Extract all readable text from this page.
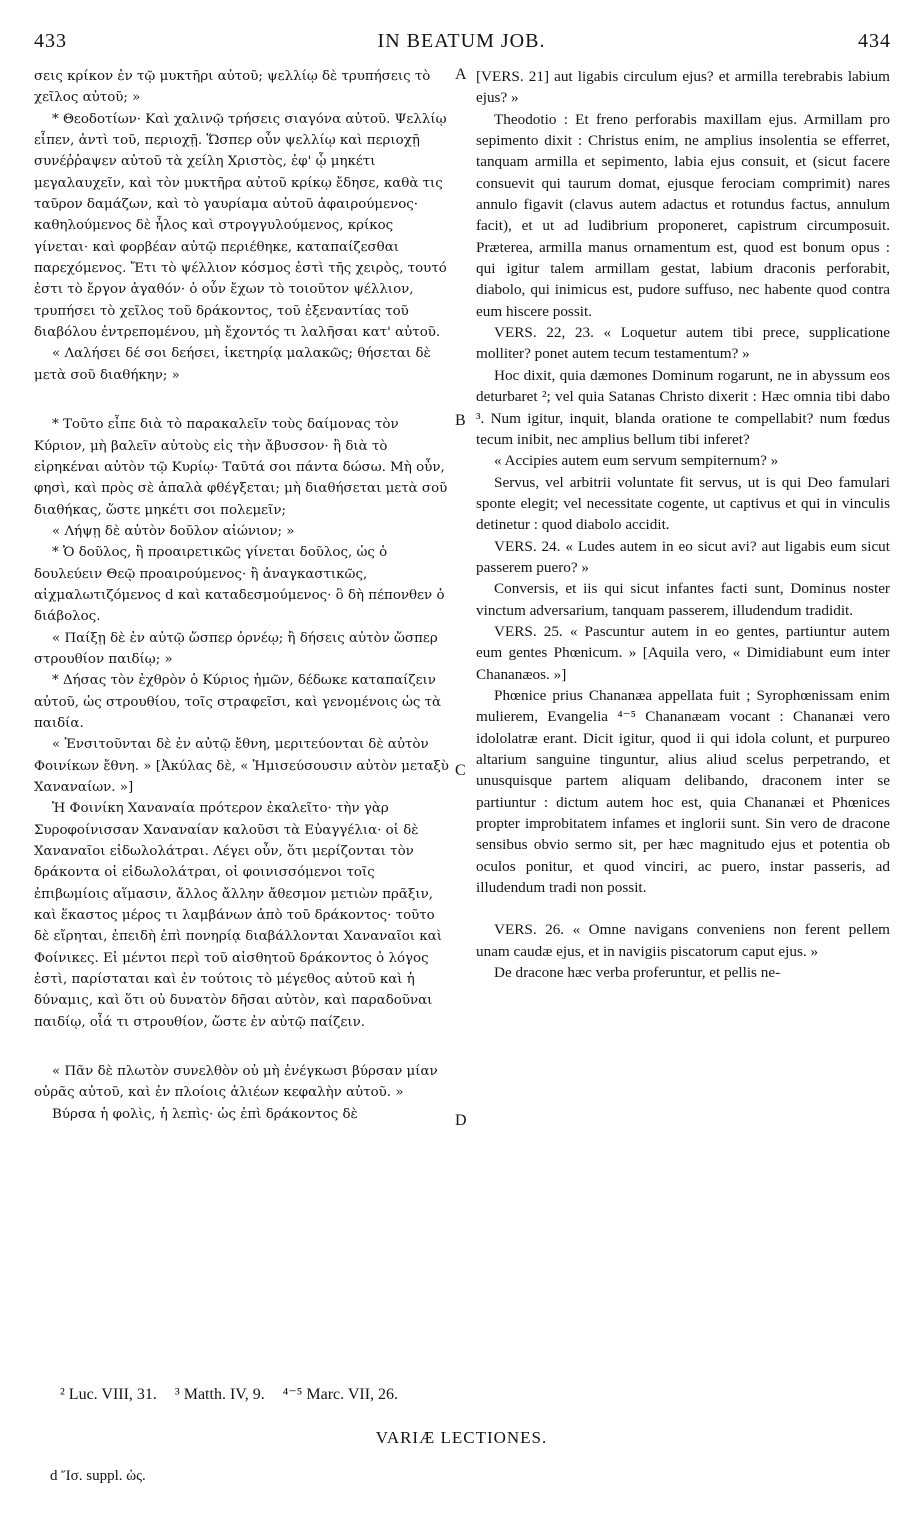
433	IN BEATUM JOB.	434

σεις κρίκον ἐν τῷ μυκτῆρι αὐτοῦ; ψελλίῳ δὲ τρυπήσεις τὸ χεῖλος αὐτοῦ; »

* Θεοδοτίων· Καὶ χαλινῷ τρήσεις σιαγόνα αὐτοῦ. Ψελλίῳ εἶπεν, ἀντὶ τοῦ, περιοχῇ. Ὥσπερ οὖν ψελλίῳ καὶ περιοχῇ συνέῤῥαψεν αὐτοῦ τὰ χείλη Χριστὸς, ἐφ' ᾧ μηκέτι μεγαλαυχεῖν, καὶ τὸν μυκτῆρα αὐτοῦ κρίκῳ ἔδησε, καθὰ τις ταῦρον δαμάζων, καὶ τὸ γαυρίαμα αὐτοῦ ἀφαιρούμενος· καθηλούμενος δὲ ἧλος καὶ στρογγυλούμενος, κρίκος γίνεται· καὶ φορβέαν αὐτῷ περιέθηκε, καταπαίζεσθαι παρεχόμενος. Ἔτι τὸ ψέλλιον κόσμος ἐστὶ τῆς χειρὸς, τουτό ἐστι τὸ ἔργον ἀγαθόν· ὁ οὖν ἔχων τὸ τοιοῦτον ψέλλιον, τρυπήσει τὸ χεῖλος τοῦ δράκοντος, τοῦ ἐξεναντίας τοῦ διαβόλου ἐντρεπομένου, μὴ ἔχοντός τι λαλῆσαι κατ' αὐτοῦ.

« Λαλήσει δέ σοι δεήσει, ἱκετηρίᾳ μαλακῶς; θήσεται δὲ μετὰ σοῦ διαθήκην; »

* Τοῦτο εἶπε διὰ τὸ παρακαλεῖν τοὺς δαίμονας τὸν Κύριον, μὴ βαλεῖν αὐτοὺς εἰς τὴν ἄβυσσον· ἢ διὰ τὸ εἰρηκέναι αὐτὸν τῷ Κυρίῳ· Ταῦτά σοι πάντα δώσω. Μὴ οὖν, φησὶ, καὶ πρὸς σὲ ἁπαλὰ φθέγξεται; μὴ διαθήσεται μετὰ σοῦ διαθήκας, ὥστε μηκέτι σοι πολεμεῖν;

« Λήψῃ δὲ αὐτὸν δοῦλον αἰώνιον; »

* Ὁ δοῦλος, ἢ προαιρετικῶς γίνεται δοῦλος, ὡς ὁ δουλεύειν Θεῷ προαιρούμενος· ἢ ἀναγκαστικῶς, αἰχμαλωτιζόμενος d καὶ καταδεσμούμενος· ὃ δὴ πέπονθεν ὁ διάβολος.

« Παίξῃ δὲ ἐν αὐτῷ ὥσπερ ὀρνέῳ; ἢ δήσεις αὐτὸν ὥσπερ στρουθίον παιδίῳ; »

* Δήσας τὸν ἐχθρὸν ὁ Κύριος ἡμῶν, δέδωκε καταπαίζειν αὐτοῦ, ὡς στρουθίου, τοῖς στραφεῖσι, καὶ γενομένοις ὡς τὰ παιδία.

« Ἐνσιτοῦνται δὲ ἐν αὐτῷ ἔθνη, μεριτεύονται δὲ αὐτὸν Φοινίκων ἔθνη. » [Ἀκύλας δὲ, « Ἡμισεύσουσιν αὐτὸν μεταξὺ Χαναναίων. »]

Ἡ Φοινίκη Χαναναία πρότερον ἐκαλεῖτο· τὴν γὰρ Συροφοίνισσαν Χαναναίαν καλοῦσι τὰ Εὐαγγέλια· οἱ δὲ Χαναναῖοι εἰδωλολάτραι. Λέγει οὖν, ὅτι μερίζονται τὸν δράκοντα οἱ εἰδωλολάτραι, οἱ φοινισσόμενοι τοῖς ἐπιβωμίοις αἵμασιν, ἄλλος ἄλλην ἄθεσμον μετιὼν πρᾶξιν, καὶ ἕκαστος μέρος τι λαμβάνων ἀπὸ τοῦ δράκοντος· τοῦτο δὲ εἴρηται, ἐπειδὴ ἐπὶ πονηρίᾳ διαβάλλονται Χαναναῖοι καὶ Φοίνικες. Εἰ μέντοι περὶ τοῦ αἰσθητοῦ δράκοντος ὁ λόγος ἐστὶ, παρίσταται καὶ ἐν τούτοις τὸ μέγεθος αὐτοῦ καὶ ἡ δύναμις, καὶ ὅτι οὐ δυνατὸν δῆσαι αὐτὸν, καὶ παραδοῦναι παιδίῳ, οἷά τι στρουθίον, ὥστε ἐν αὐτῷ παίζειν.

« Πᾶν δὲ πλωτὸν συνελθὸν οὐ μὴ ἐνέγκωσι βύρσαν μίαν οὐρᾶς αὐτοῦ, καὶ ἐν πλοίοις ἁλιέων κεφαλὴν αὐτοῦ. »

Βύρσα ἡ φολὶς, ἡ λεπὶς· ὡς ἐπὶ δράκοντος δὲ

[VERS. 21] aut ligabis circulum ejus? et armilla terebrabis labium ejus? »

Theodotio : Et freno perforabis maxillam ejus. Armillam pro sepimento dixit : Christus enim, ne amplius insolentia se efferret, tanquam armilla et sepimento, labia ejus consuit, et (sicut facere consuevit qui taurum domat, ejusque ferociam comprimit) nares annulo figavit (clavus autem adactus et rotundus factus, annulum facit), et ut ad ludibrium proponeret, capistrum circumposuit. Præterea, armilla manus ornamentum est, quod est bonum opus : qui igitur talem armillam gestat, labium draconis perforabit, diabolo, qui inimicus est, pudore suffuso, nec habente quod contra eum hiscere possit.

VERS. 22, 23. « Loquetur autem tibi prece, supplicatione molliter? ponet autem tecum testamentum? »

Hoc dixit, quia dæmones Dominum rogarunt, ne in abyssum eos deturbaret ²; vel quia Satanas Christo dixerit : Hæc omnia tibi dabo ³. Num igitur, inquit, blanda oratione te compellabit? num fœdus tecum inibit, nec amplius bellum tibi inferet?

« Accipies autem eum servum sempiternum? »

Servus, vel arbitrii voluntate fit servus, ut is qui Deo famulari sponte elegit; vel necessitate cogente, ut captivus et qui in vinculis detinetur : quod diabolo accidit.

VERS. 24. « Ludes autem in eo sicut avi? aut ligabis eum sicut passerem puero? »

Conversis, et iis qui sicut infantes facti sunt, Dominus noster vinctum adversarium, tanquam passerem, illudendum tradidit.

VERS. 25. « Pascuntur autem in eo gentes, partiuntur autem eum gentes Phœnicum. » [Aquila vero, « Dimidiabunt eum inter Chananæos. »]

Phœnice prius Chananæa appellata fuit ; Syrophœnissam enim mulierem, Evangelia ⁴⁻⁵ Chananæam vocant : Chananæi vero idololatræ erant. Dicit igitur, quod ii qui idola colunt, et purpureo altarium sanguine tinguntur, alius aliud scelus perpetrando, et unusquisque partem aliquam delibando, draconem inter se partiuntur : dictum autem hoc est, quia Chananæi et Phœnices propter improbitatem infames et inglorii sunt. Sin vero de dracone sensibus obvio sermo sit, per hæc magnitudo ejus et potentia ob oculos ponitur, et quod vinciri, ac puero, instar passeris, ad illudendum tradi non possit.

VERS. 26. « Omne navigans conveniens non ferent pellem unam caudæ ejus, et in navigiis piscatorum caput ejus. »

De dracone hæc verba proferuntur, et pellis ne-

A
B
C
D
² Luc. VIII, 31. ³ Matth. IV, 9. ⁴⁻⁵ Marc. VII, 26.
VARIÆ LECTIONES.
d Ἴσ. suppl. ὡς.
